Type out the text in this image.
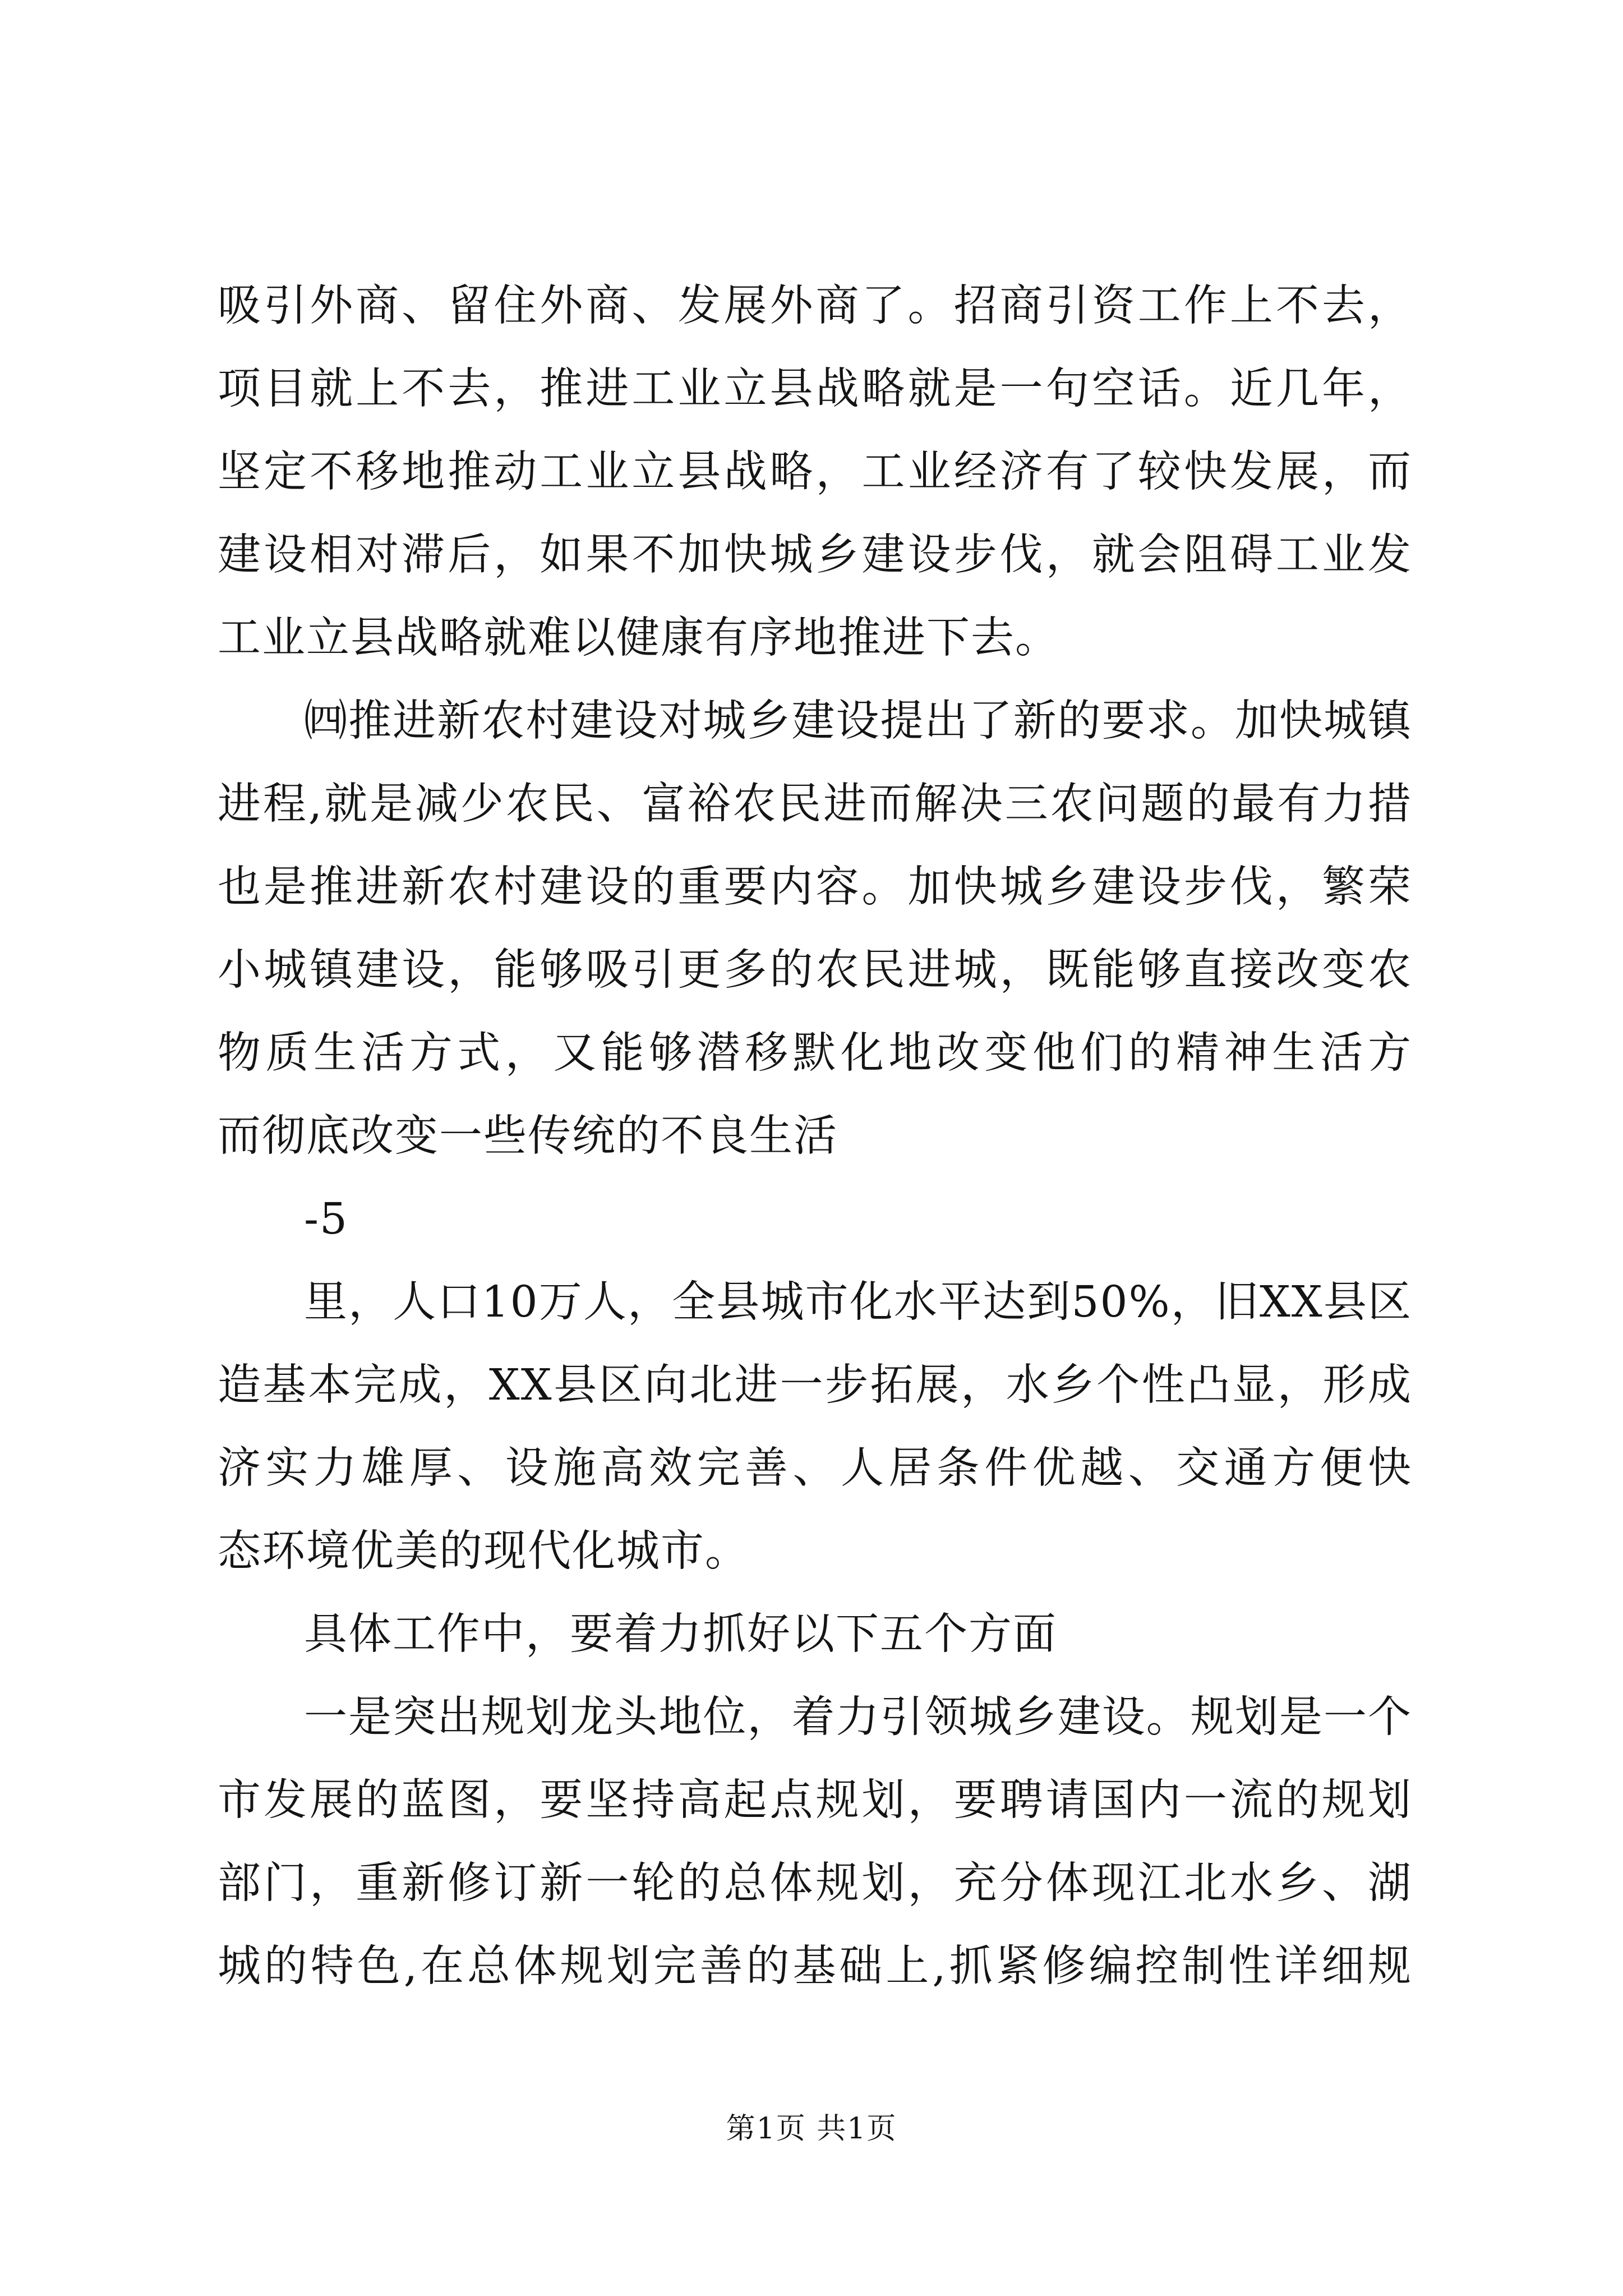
吸引外商、留住外商、发展外商了。招商引资工作上不去，
项目就上不去，推进工业立县战略就是一句空话。近几年，
坚定不移地推动工业立县战略，工业经济有了较快发展，而
建设相对滞后，如果不加快城乡建设步伐，就会阻碍工业发
工业立县战略就难以健康有序地推进下去。
㈣推进新农村建设对城乡建设提出了新的要求。加快城镇
进程,就是减少农民、富裕农民进而解决三农问题的最有力措
也是推进新农村建设的重要内容。加快城乡建设步伐，繁荣
小城镇建设，能够吸引更多的农民进城，既能够直接改变农
物质生活方式，又能够潜移默化地改变他们的精神生活方
而彻底改变一些传统的不良生活
-5
里，人口10万人，全县城市化水平达到50%，旧XX县区
造基本完成，XX县区向北进一步拓展，水乡个性凸显，形成
济实力雄厚、设施高效完善、人居条件优越、交通方便快
态环境优美的现代化城市。
具体工作中，要着力抓好以下五个方面
一是突出规划龙头地位，着力引领城乡建设。规划是一个
市发展的蓝图，要坚持高起点规划，要聘请国内一流的规划
部门，重新修订新一轮的总体规划，充分体现江北水乡、湖
城的特色,在总体规划完善的基础上,抓紧修编控制性详细规
第1页 共1页
